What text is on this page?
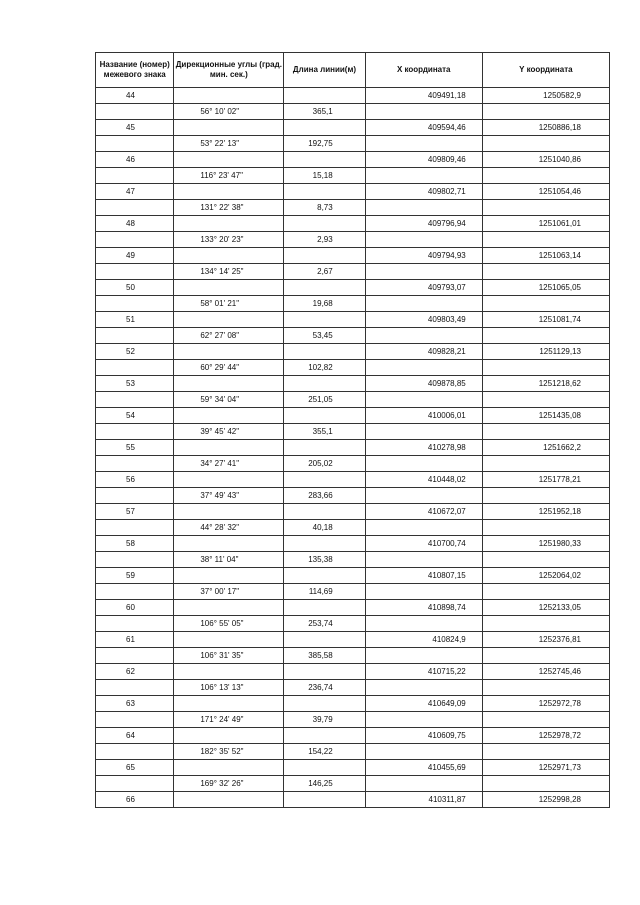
Название (номер) межевого знака	Дирекционные углы (град. мин. сек.)	Длина линии(м)	X координата	Y координата
44			409491,18	1250582,9
	56° 10' 02"	365,1		
45			409594,46	1250886,18
	53° 22' 13"	192,75		
46			409809,46	1251040,86
	116° 23' 47"	15,18		
47			409802,71	1251054,46
	131° 22' 38"	8,73		
48			409796,94	1251061,01
	133° 20' 23"	2,93		
49			409794,93	1251063,14
	134° 14' 25"	2,67		
50			409793,07	1251065,05
	58° 01' 21"	19,68		
51			409803,49	1251081,74
	62° 27' 08"	53,45		
52			409828,21	1251129,13
	60° 29' 44"	102,82		
53			409878,85	1251218,62
	59° 34' 04"	251,05		
54			410006,01	1251435,08
	39° 45' 42"	355,1		
55			410278,98	1251662,2
	34° 27' 41"	205,02		
56			410448,02	1251778,21
	37° 49' 43"	283,66		
57			410672,07	1251952,18
	44° 28' 32"	40,18		
58			410700,74	1251980,33
	38° 11' 04"	135,38		
59			410807,15	1252064,02
	37° 00' 17"	114,69		
60			410898,74	1252133,05
	106° 55' 05"	253,74		
61			410824,9	1252376,81
	106° 31' 35"	385,58		
62			410715,22	1252745,46
	106° 13' 13"	236,74		
63			410649,09	1252972,78
	171° 24' 49"	39,79		
64			410609,75	1252978,72
	182° 35' 52"	154,22		
65			410455,69	1252971,73
	169° 32' 26"	146,25		
66			410311,87	1252998,28
